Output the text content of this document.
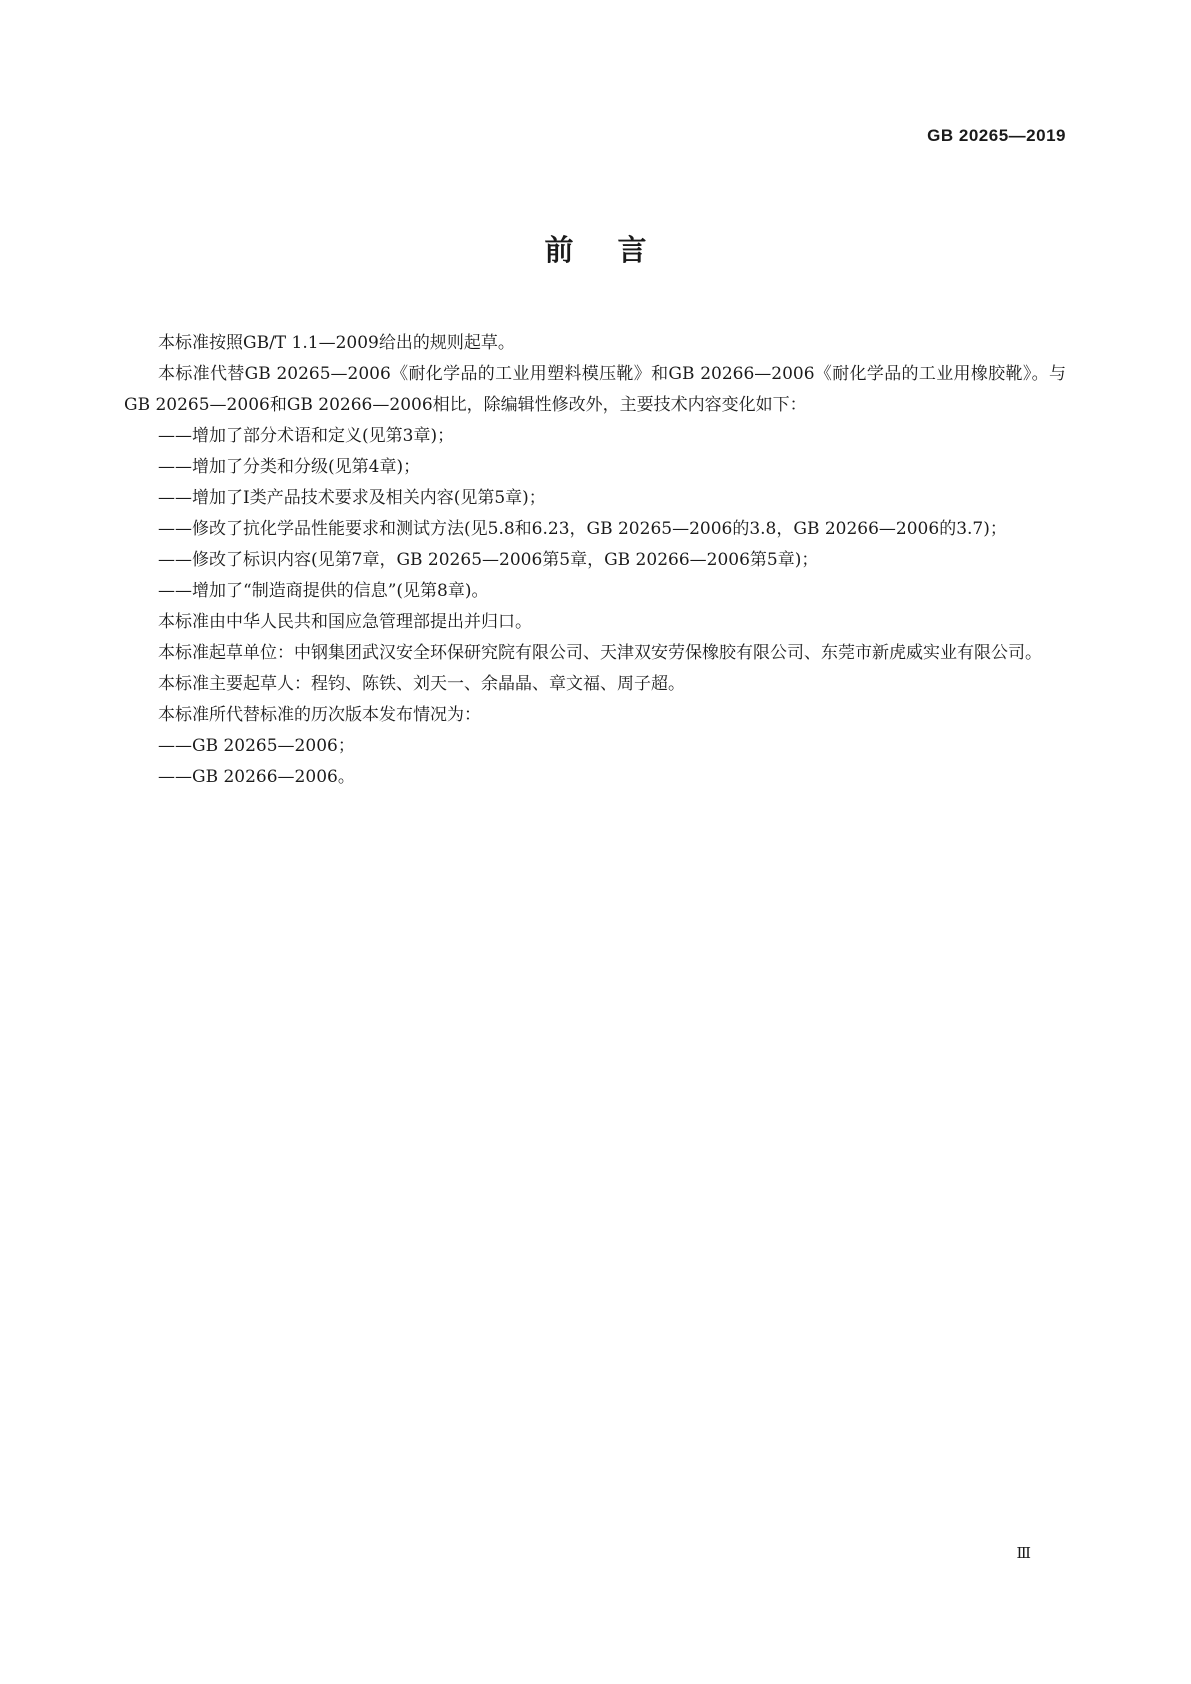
GB 20265—2019
前言

本标准按照GB/T 1.1—2009给出的规则起草。

本标准代替GB 20265—2006《耐化学品的工业用塑料模压靴》和GB 20266—2006《耐化学品的工业用橡胶靴》。与GB 20265—2006和GB 20266—2006相比，除编辑性修改外，主要技术内容变化如下：

——增加了部分术语和定义(见第3章)；

——增加了分类和分级(见第4章)；

——增加了Ⅰ类产品技术要求及相关内容(见第5章)；

——修改了抗化学品性能要求和测试方法(见5.8和6.23，GB 20265—2006的3.8，GB 20266—2006的3.7)；

——修改了标识内容(见第7章，GB 20265—2006第5章，GB 20266—2006第5章)；

——增加了“制造商提供的信息”(见第8章)。

本标准由中华人民共和国应急管理部提出并归口。

本标准起草单位：中钢集团武汉安全环保研究院有限公司、天津双安劳保橡胶有限公司、东莞市新虎威实业有限公司。

本标准主要起草人：程钧、陈铁、刘天一、余晶晶、章文福、周子超。

本标准所代替标准的历次版本发布情况为：

——GB 20265—2006；

——GB 20266—2006。

Ⅲ
